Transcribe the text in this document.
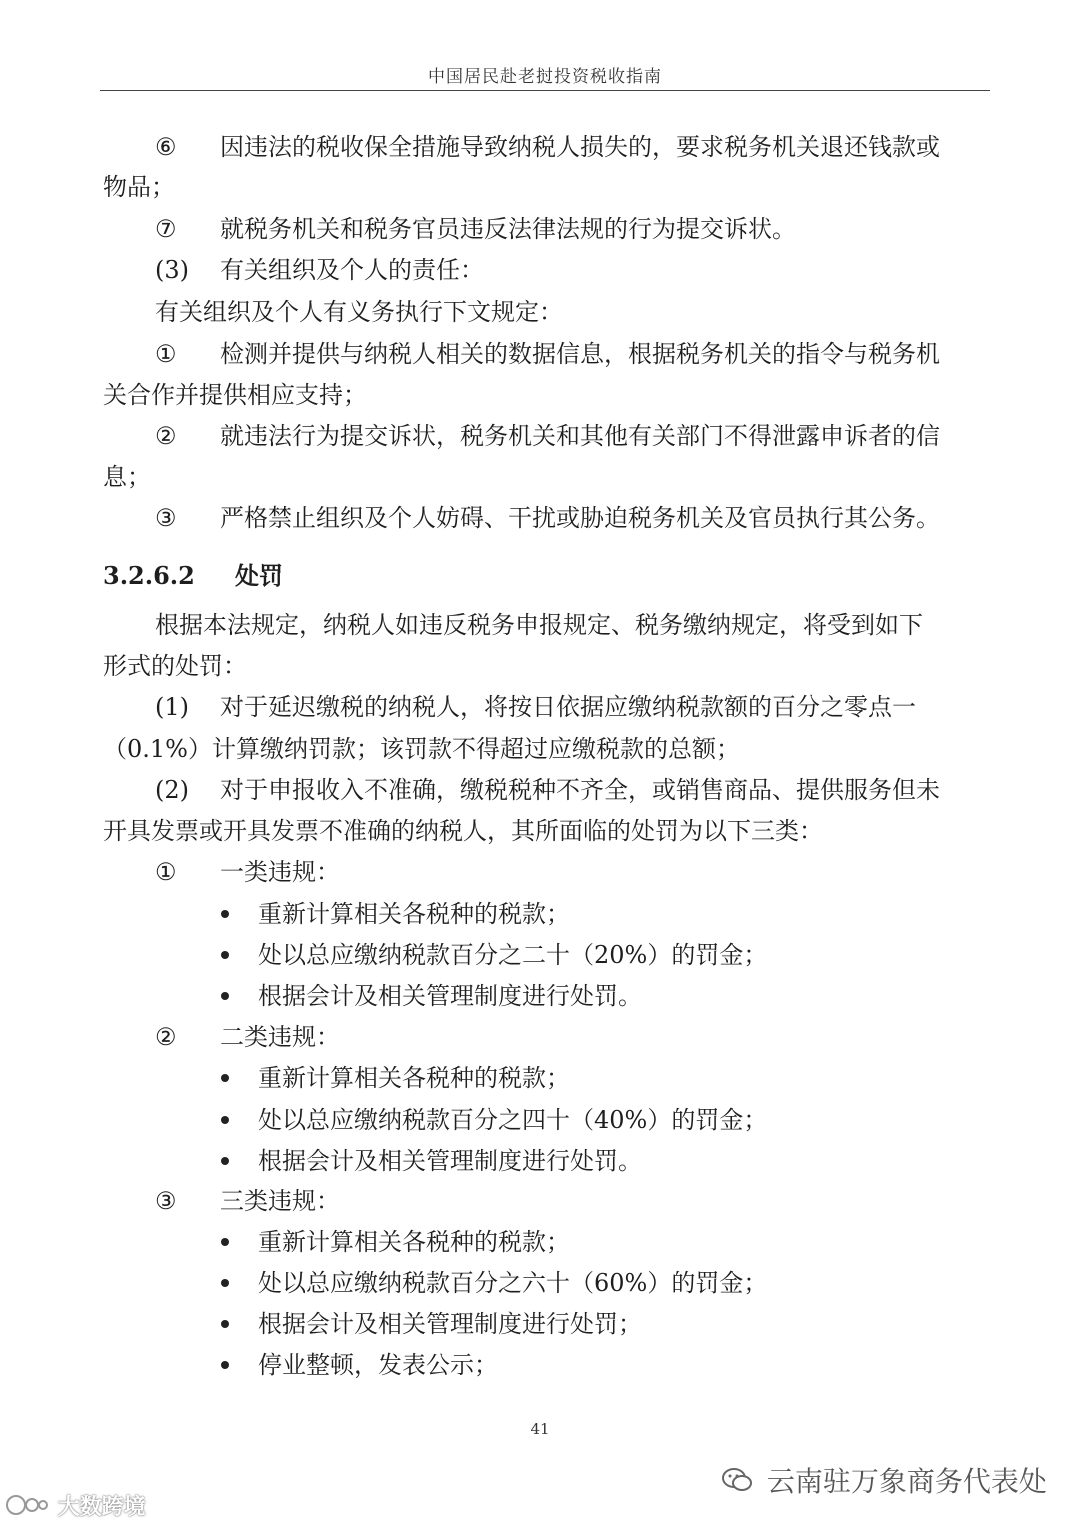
中国居民赴老挝投资税收指南
⑥ 因违法的税收保全措施导致纳税人损失的，要求税务机关退还钱款或
物品；
⑦ 就税务机关和税务官员违反法律法规的行为提交诉状。
(3) 有关组织及个人的责任：
有关组织及个人有义务执行下文规定：
① 检测并提供与纳税人相关的数据信息，根据税务机关的指令与税务机
关合作并提供相应支持；
② 就违法行为提交诉状，税务机关和其他有关部门不得泄露申诉者的信
息；
③ 严格禁止组织及个人妨碍、干扰或胁迫税务机关及官员执行其公务。
3.2.6.2 处罚
根据本法规定，纳税人如违反税务申报规定、税务缴纳规定，将受到如下
形式的处罚：
(1) 对于延迟缴税的纳税人，将按日依据应缴纳税款额的百分之零点一
（0.1%）计算缴纳罚款；该罚款不得超过应缴税款的总额；
(2) 对于申报收入不准确，缴税税种不齐全，或销售商品、提供服务但未
开具发票或开具发票不准确的纳税人，其所面临的处罚为以下三类：
① 一类违规：
重新计算相关各税种的税款；
处以总应缴纳税款百分之二十（20%）的罚金；
根据会计及相关管理制度进行处罚。
② 二类违规：
重新计算相关各税种的税款；
处以总应缴纳税款百分之四十（40%）的罚金；
根据会计及相关管理制度进行处罚。
③ 三类违规：
重新计算相关各税种的税款；
处以总应缴纳税款百分之六十（60%）的罚金；
根据会计及相关管理制度进行处罚；
停业整顿，发表公示；
41
云南驻万象商务代表处
大数跨境
